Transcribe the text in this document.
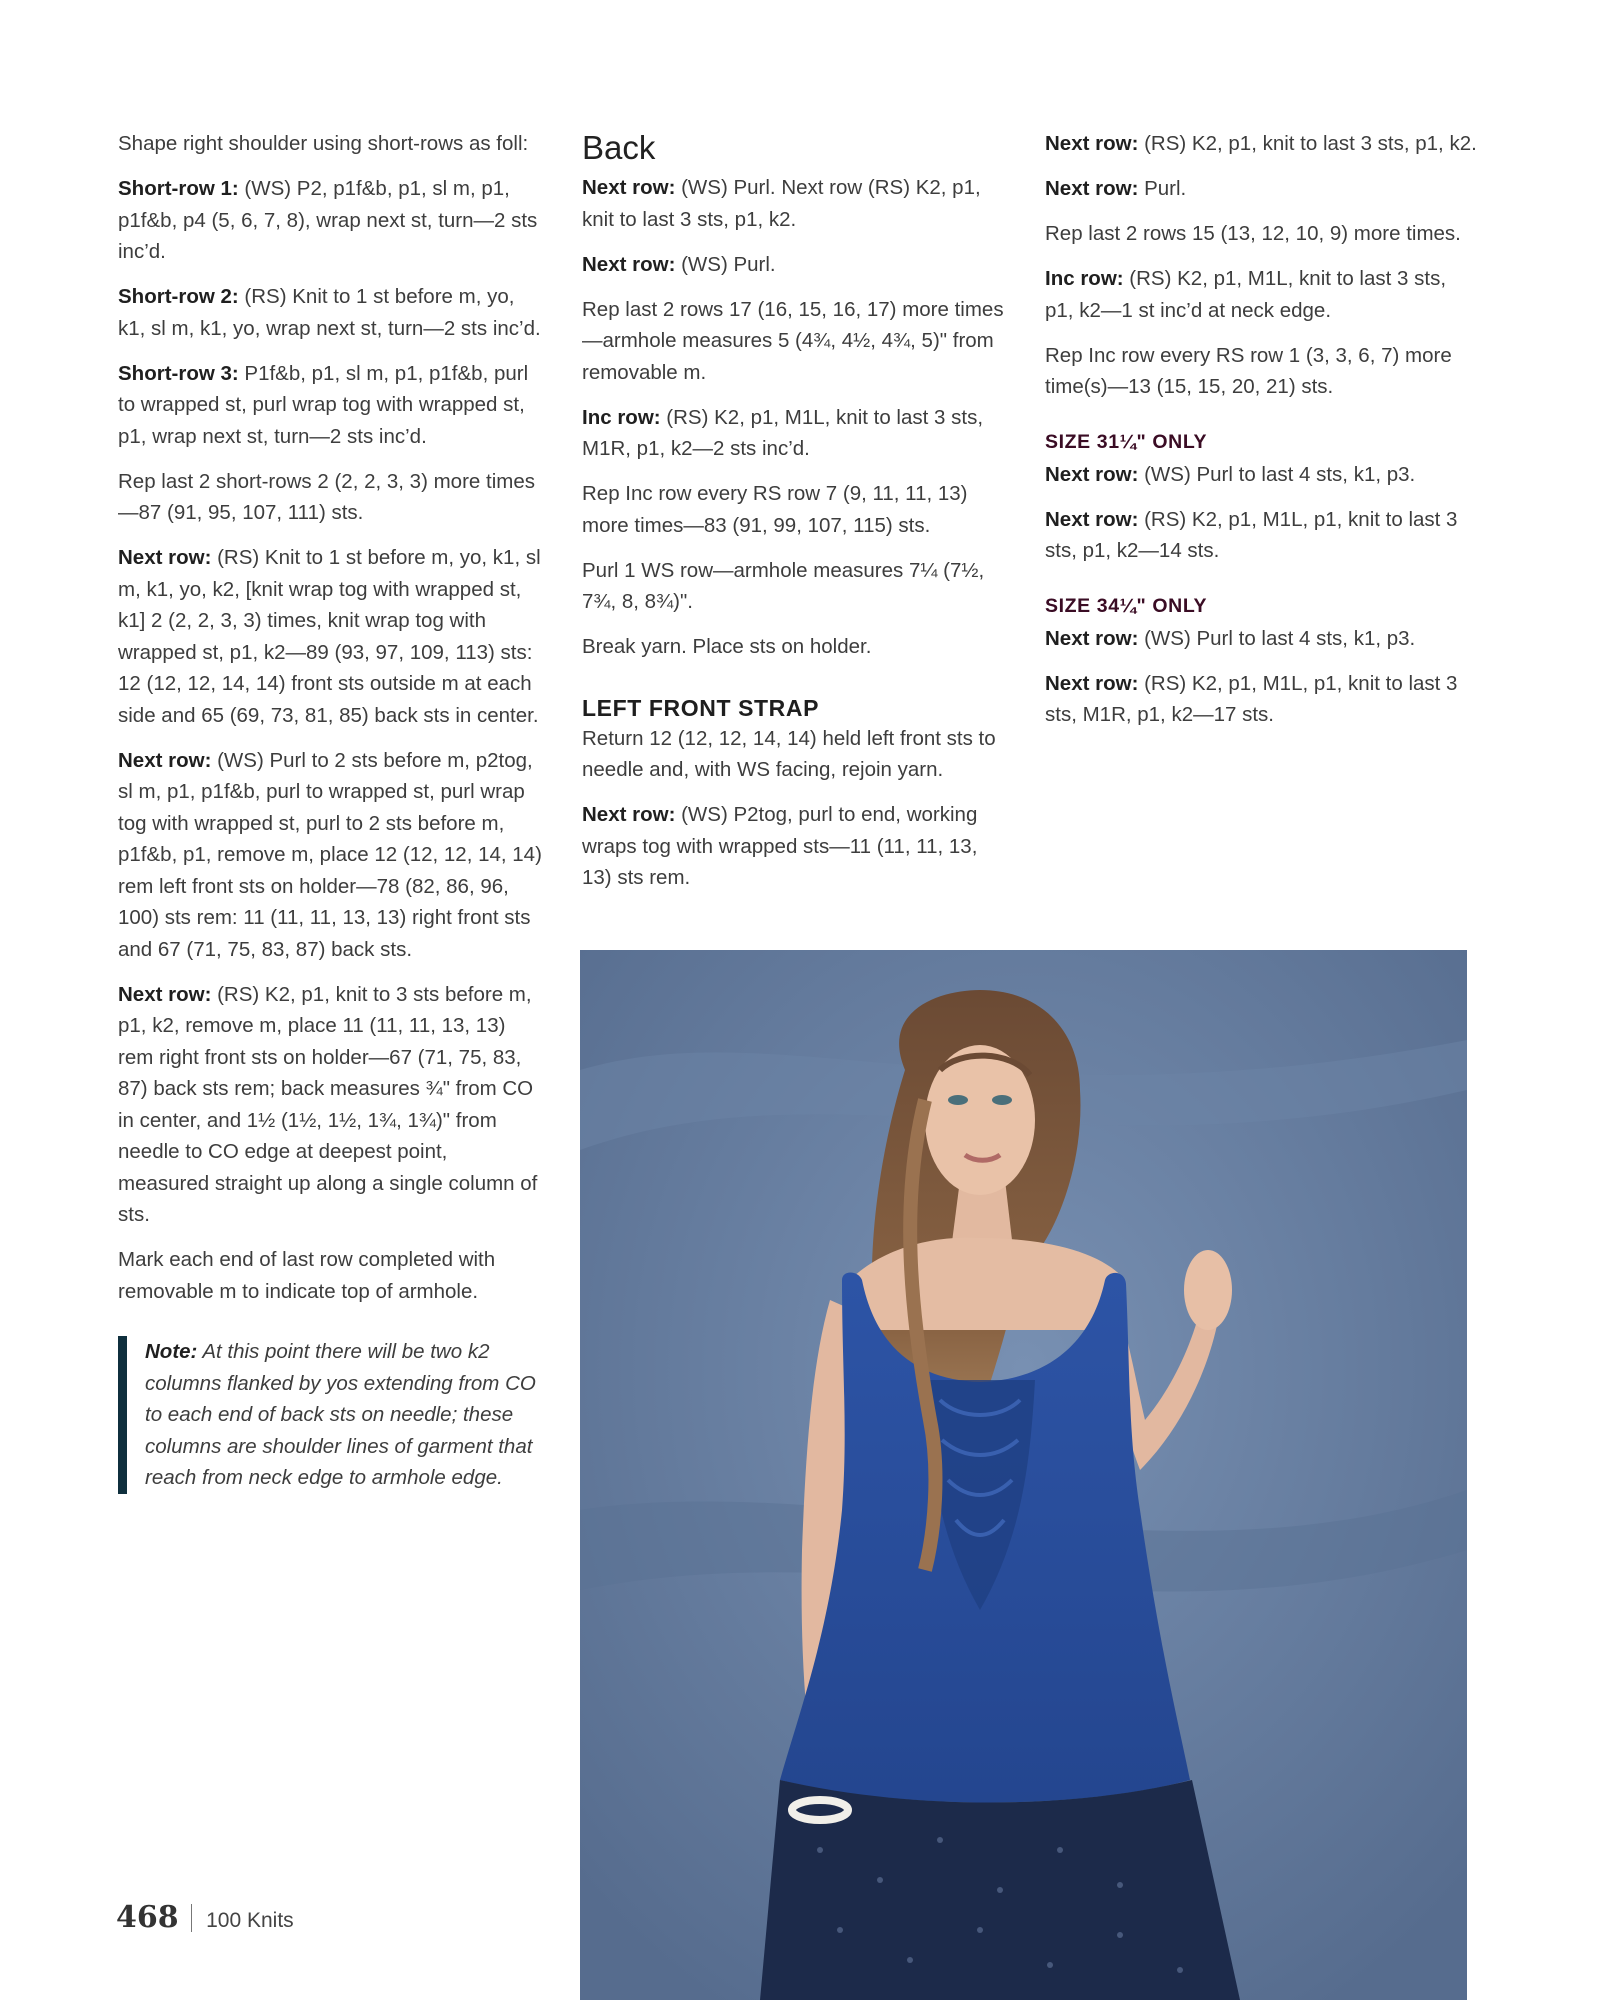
Shape right shoulder using short-rows as foll:

Short-row 1: (WS) P2, p1f&b, p1, sl m, p1, p1f&b, p4 (5, 6, 7, 8), wrap next st, turn—2 sts inc’d.

Short-row 2: (RS) Knit to 1 st before m, yo, k1, sl m, k1, yo, wrap next st, turn—2 sts inc’d.

Short-row 3: P1f&b, p1, sl m, p1, p1f&b, purl to wrapped st, purl wrap tog with wrapped st, p1, wrap next st, turn—2 sts inc’d.

Rep last 2 short-rows 2 (2, 2, 3, 3) more times—87 (91, 95, 107, 111) sts.

Next row: (RS) Knit to 1 st before m, yo, k1, sl m, k1, yo, k2, [knit wrap tog with wrapped st, k1] 2 (2, 2, 3, 3) times, knit wrap tog with wrapped st, p1, k2—89 (93, 97, 109, 113) sts: 12 (12, 12, 14, 14) front sts outside m at each side and 65 (69, 73, 81, 85) back sts in center.

Next row: (WS) Purl to 2 sts before m, p2tog, sl m, p1, p1f&b, purl to wrapped st, purl wrap tog with wrapped st, purl to 2 sts before m, p1f&b, p1, remove m, place 12 (12, 12, 14, 14) rem left front sts on holder—78 (82, 86, 96, 100) sts rem: 11 (11, 11, 13, 13) right front sts and 67 (71, 75, 83, 87) back sts.

Next row: (RS) K2, p1, knit to 3 sts before m, p1, k2, remove m, place 11 (11, 11, 13, 13) rem right front sts on holder—67 (71, 75, 83, 87) back sts rem; back measures ¾" from CO in center, and 1½ (1½, 1½, 1¾, 1¾)" from needle to CO edge at deepest point, measured straight up along a single column of sts.

Mark each end of last row completed with removable m to indicate top of armhole.

Note: At this point there will be two k2 columns flanked by yos extending from CO to each end of back sts on needle; these columns are shoulder lines of garment that reach from neck edge to armhole edge.
Back

Next row: (WS) Purl. Next row (RS) K2, p1, knit to last 3 sts, p1, k2.

Next row: (WS) Purl.

Rep last 2 rows 17 (16, 15, 16, 17) more times—armhole measures 5 (4¾, 4½, 4¾, 5)" from removable m.

Inc row: (RS) K2, p1, M1L, knit to last 3 sts, M1R, p1, k2—2 sts inc’d.

Rep Inc row every RS row 7 (9, 11, 11, 13) more times—83 (91, 99, 107, 115) sts.

Purl 1 WS row—armhole measures 7¼ (7½, 7¾, 8, 8¾)".

Break yarn. Place sts on holder.

LEFT FRONT STRAP

Return 12 (12, 12, 14, 14) held left front sts to needle and, with WS facing, rejoin yarn.

Next row: (WS) P2tog, purl to end, working wraps tog with wrapped sts—11 (11, 11, 13, 13) sts rem.

Next row: (RS) K2, p1, knit to last 3 sts, p1, k2.

Next row: Purl.

Rep last 2 rows 15 (13, 12, 10, 9) more times.

Inc row: (RS) K2, p1, M1L, knit to last 3 sts, p1, k2—1 st inc’d at neck edge.

Rep Inc row every RS row 1 (3, 3, 6, 7) more time(s)—13 (15, 15, 20, 21) sts.

SIZE 31¼" ONLY

Next row: (WS) Purl to last 4 sts, k1, p3.

Next row: (RS) K2, p1, M1L, p1, knit to last 3 sts, p1, k2—14 sts.

SIZE 34¼" ONLY

Next row: (WS) Purl to last 4 sts, k1, p3.

Next row: (RS) K2, p1, M1L, p1, knit to last 3 sts, M1R, p1, k2—17 sts.

468 100 Knits
